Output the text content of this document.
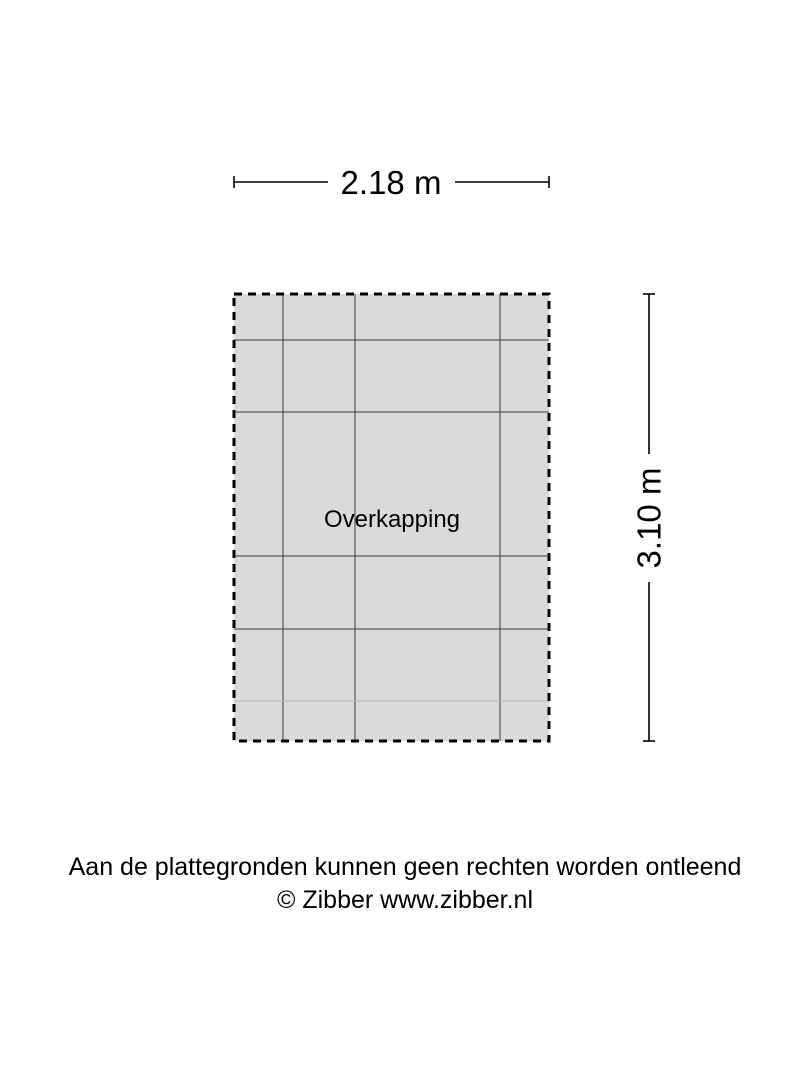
2.18 m
Overkapping	3.10 m
Aan de plattegronden kunnen geen rechten worden ontleend
© Zibber www.zibber.nl
